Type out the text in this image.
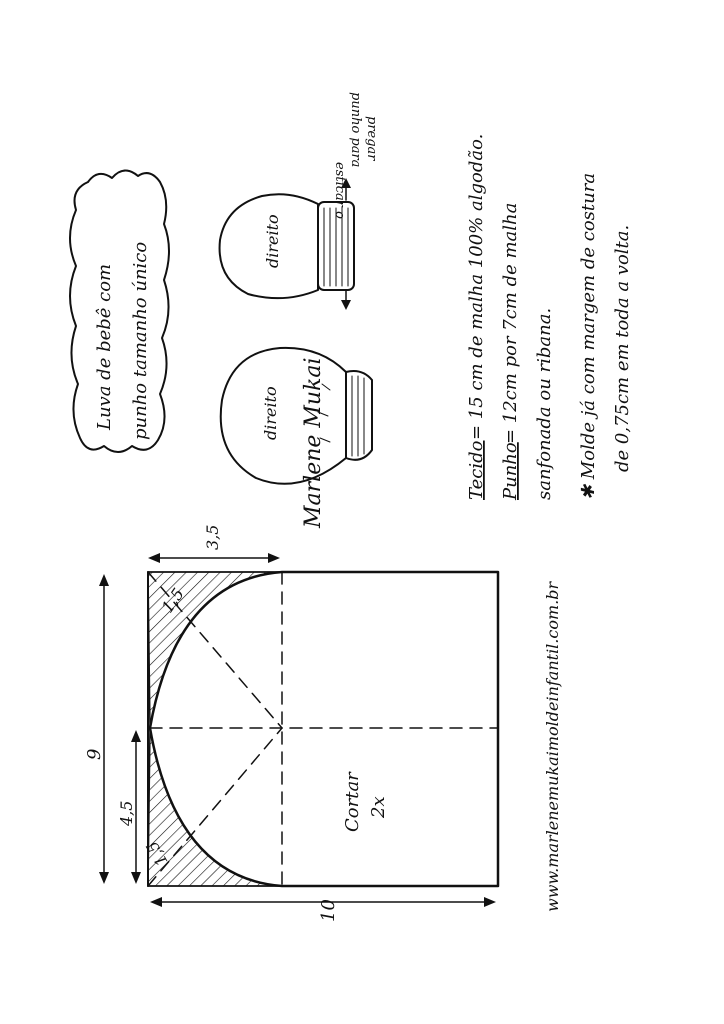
Luva de bebê com punho tamanho único
direito
esticar o
punho para pregar
direito
Tecido
= 15 cm de malha 100% algodão.
Punho
= 12cm por 7cm de malha sanfonada ou ribana. ✱ Molde já com margem de costura de 0,75cm em toda a volta.
Marlene Mukai
Cortar 2x
9
4,5
3,5
1,5
1,5
10	www.marlenemukaimoldeinfantil.com.br
